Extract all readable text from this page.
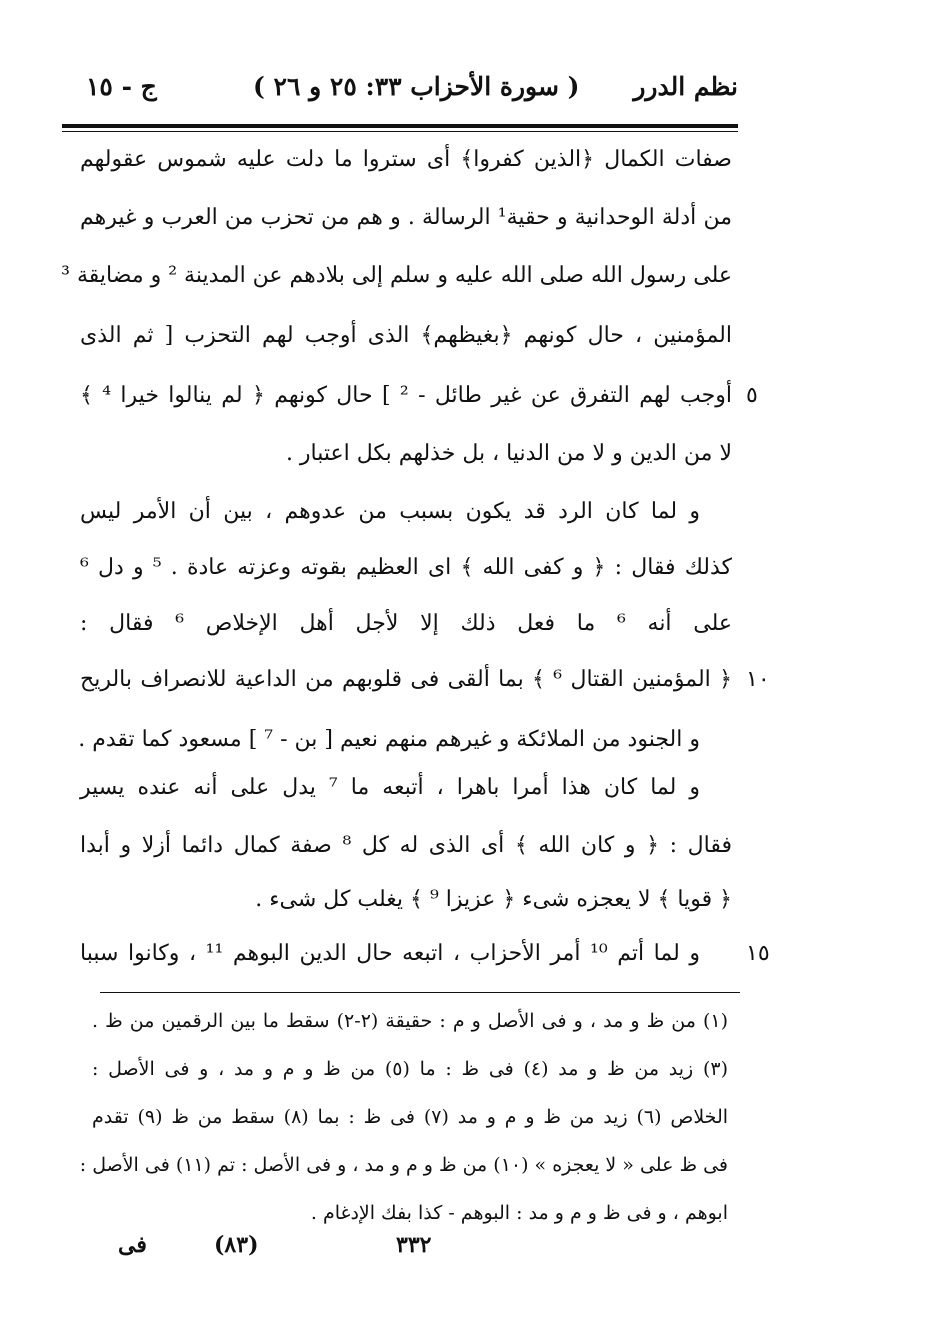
نظم الدرر
( سورة الأحزاب ٣٣: ٢٥ و ٢٦ )
ج - ١٥
صفات الكمال ﴿الذين كفروا﴾ أى ستروا ما دلت عليه شموس عقولهم
من أدلة الوحدانية و حقية¹ الرسالة . و هم من تحزب من العرب و غيرهم
على رسول الله صلى الله عليه و سلم إلى بلادهم عن المدينة ² و مضايقة ³
المؤمنين ، حال كونهم ﴿بغيظهم﴾ الذى أوجب لهم التحزب [ ثم الذى
أوجب لهم التفرق عن غير طائل - ² ] حال كونهم ﴿ لم ينالوا خيرا ⁴ ﴾ ٥
لا من الدين و لا من الدنيا ، بل خذلهم بكل اعتبار .
و لما كان الرد قد يكون بسبب من عدوهم ، بين أن الأمر ليس
كذلك فقال : ﴿ و كفى الله ﴾ اى العظيم بقوته وعزته عادة . ⁵ و دل ⁶
على أنه ⁶ ما فعل ذلك إلا لأجل أهل الإخلاص ⁶ فقال :
﴿ المؤمنين القتال ⁶ ﴾ بما ألقى فى قلوبهم من الداعية للانصراف بالريح ١٠
و الجنود من الملائكة و غيرهم منهم نعيم [ بن - ⁷ ] مسعود كما تقدم .
و لما كان هذا أمرا باهرا ، أتبعه ما ⁷ يدل على أنه عنده يسير
فقال : ﴿ و كان الله ﴾ أى الذى له كل ⁸ صفة كمال دائما أزلا و أبدا
﴿ قويا ﴾ لا يعجزه شىء ﴿ عزيزا ⁹ ﴾ يغلب كل شىء .
و لما أتم ¹⁰ أمر الأحزاب ، اتبعه حال الدين البوهم ¹¹ ، وكانوا سببا ١٥
(١) من ظ و مد ، و فى الأصل و م : حقيقة (٢-٢) سقط ما بين الرقمين من ظ .
(٣) زيد من ظ و مد (٤) فى ظ : ما (٥) من ظ و م و مد ، و فى الأصل :
الخلاص (٦) زيد من ظ و م و مد (٧) فى ظ : بما (٨) سقط من ظ (٩) تقدم
فى ظ على « لا يعجزه » (١٠) من ظ و م و مد ، و فى الأصل : تم (١١) فى الأصل :
ابوهم ، و فى ظ و م و مد : البوهم - كذا بفك الإدغام .
فى	(٨٣)	٣٣٢
